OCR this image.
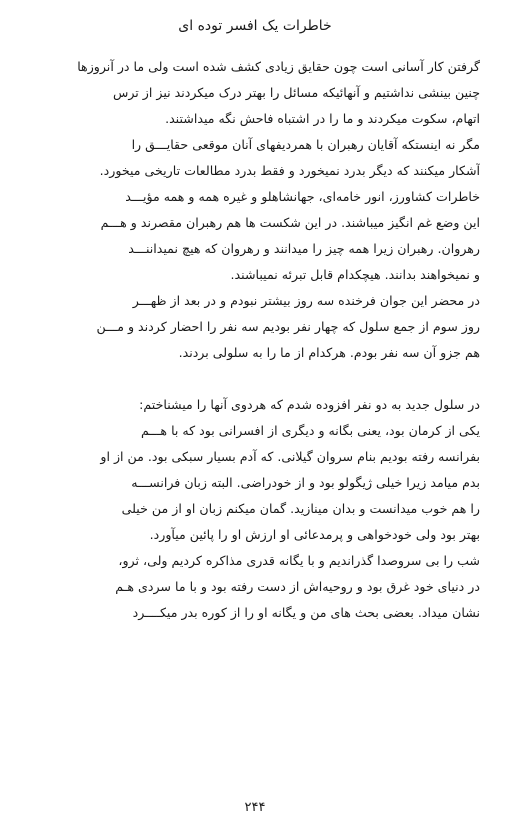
خاطرات یک افسر توده ای

گرفتن کار آسانی است چون حقایق زیادی کشف شده است ولی ما در آنروزها
چنین بینشی نداشتیم و آنهائیکه مسائل را بهتر درک میکردند نیز از ترس
اتهام، سکوت میکردند و ما را در اشتباه فاحش نگه میداشتند.

مگر نه اینستکه آقایان رهبران با همردیفهای آنان موقعی حقایـــق را
آشکار میکنند که دیگر بدرد نمیخورد و فقط بدرد مطالعات تاریخی میخورد.

خاطرات کشاورز، انور خامه‌ای، جهانشاهلو و غیره همه و همه مؤیـــد
این وضع غم انگیز میباشند. در این شکست ها هم رهبران مقصرند و هـــم
رهروان. رهبران زیرا همه چیز را میدانند و رهروان که هیچ نمیداننـــد
و نمیخواهند بدانند. هیچکدام قابل تبرئه نمیباشند.

در محضر این جوان فرخنده سه روز بیشتر نبودم و در بعد از ظهـــر
روز سوم از جمع سلول که چهار نفر بودیم سه نفر را احضار کردند و مـــن
هم جزو آن سه نفر بودم. هرکدام از ما را به سلولی بردند.

در سلول جدید به دو نفر افزوده شدم که هردوی آنها را میشناختم:
یکی از کرمان بود، یعنی بگانه و دیگری از افسرانی بود که با هـــم
بفرانسه رفته بودیم بنام سروان گیلانی. که آدم بسیار سبکی بود. من از او
بدم میامد زیرا خیلی ژیگولو بود و از خودراضی. البته زبان فرانســـه
را هم خوب میدانست و بدان مینازید. گمان میکنم زبان او از من خیلی
بهتر بود ولی خودخواهی و پرمدعائی او ارزش او را پائین میآورد.

شب را بی سروصدا گذراندیم و با یگانه قدری مذاکره کردیم ولی، ثرو،
در دنیای خود غرق بود و روحیه‌اش از دست رفته بود و با ما سردی هـم
نشان میداد. بعضی بحث های من و یگانه او را از کوره بدر میکــــرد

۲۴۴
